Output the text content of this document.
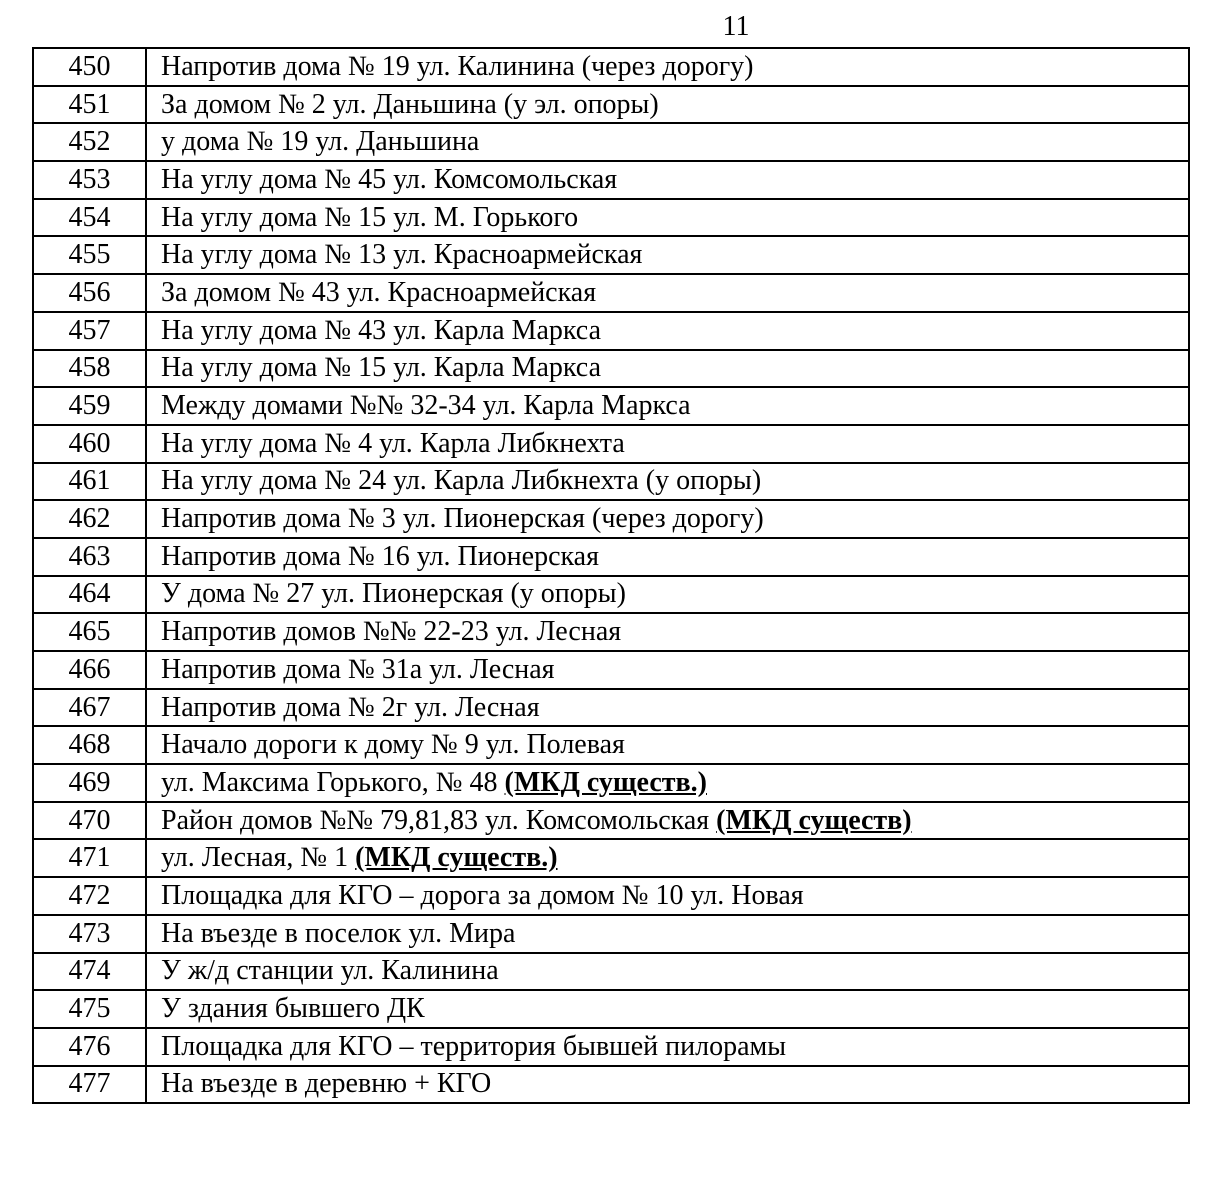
11
450	Напротив дома № 19 ул. Калинина (через дорогу)
451	За домом № 2 ул. Даньшина (у эл. опоры)
452	у дома № 19 ул. Даньшина
453	На углу дома № 45 ул. Комсомольская
454	На углу дома № 15 ул. М. Горького
455	На углу дома № 13 ул. Красноармейская
456	За домом № 43 ул. Красноармейская
457	На углу дома № 43 ул. Карла Маркса
458	На углу дома № 15 ул. Карла Маркса
459	Между домами №№ 32-34 ул. Карла Маркса
460	На углу дома № 4 ул. Карла Либкнехта
461	На углу дома № 24 ул. Карла Либкнехта (у опоры)
462	Напротив дома № 3 ул. Пионерская (через дорогу)
463	Напротив дома № 16 ул. Пионерская
464	У дома № 27 ул. Пионерская (у опоры)
465	Напротив домов №№ 22-23 ул. Лесная
466	Напротив дома № 31а ул. Лесная
467	Напротив дома № 2г ул. Лесная
468	Начало дороги к дому № 9 ул. Полевая
469	ул. Максима Горького, № 48 (МКД существ.)
470	Район домов №№ 79,81,83 ул. Комсомольская (МКД существ)
471	ул. Лесная, № 1 (МКД существ.)
472	Площадка для КГО – дорога за домом № 10 ул. Новая
473	На въезде в поселок ул. Мира
474	У ж/д станции ул. Калинина
475	У здания бывшего ДК
476	Площадка для КГО – территория бывшей пилорамы
477	На въезде в деревню + КГО
